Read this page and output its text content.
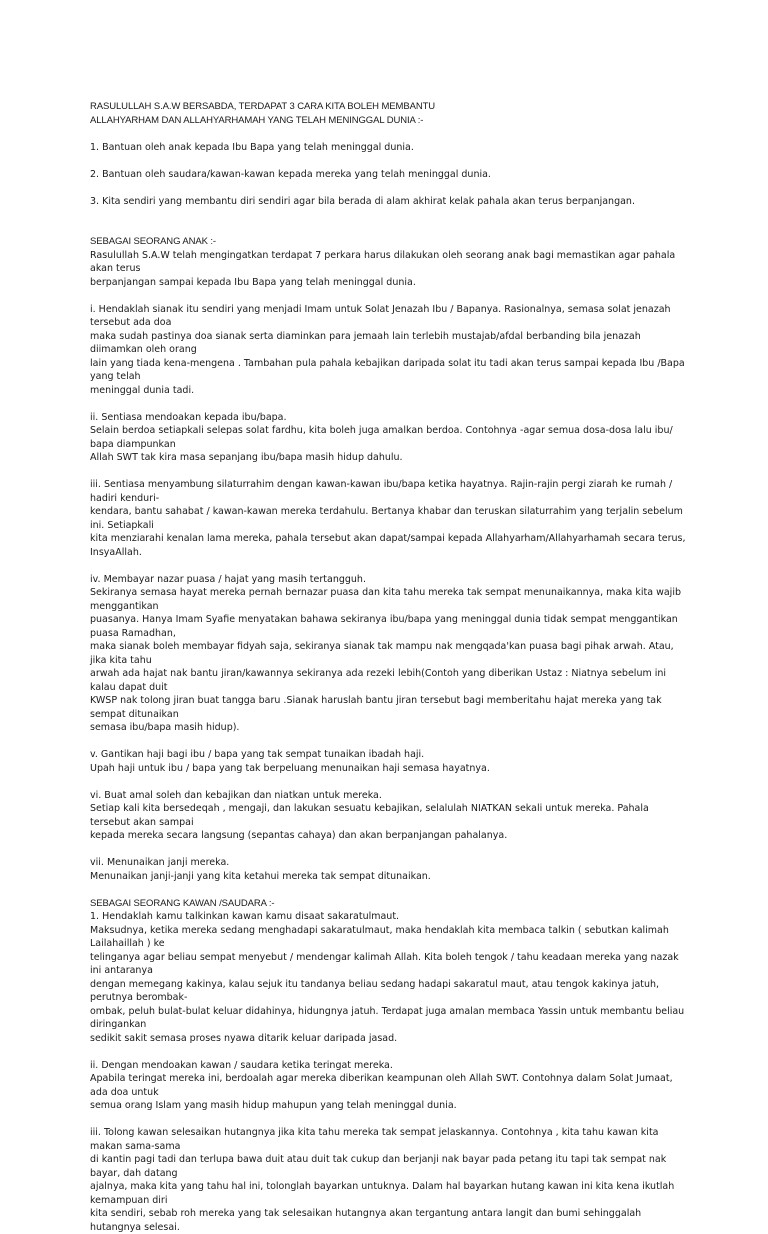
RASULULLAH S.A.W BERSABDA, TERDAPAT 3 CARA KITA BOLEH MEMBANTU

ALLAHYARHAM DAN ALLAHYARHAMAH YANG TELAH MENINGGAL DUNIA :-

1. Bantuan oleh anak kepada Ibu Bapa yang telah meninggal dunia.

2. Bantuan oleh saudara/kawan-kawan kepada mereka yang telah meninggal dunia.

3. Kita sendiri yang membantu diri sendiri agar bila berada di alam akhirat kelak pahala akan terus berpanjangan.

SEBAGAI SEORANG ANAK :-

Rasulullah S.A.W telah mengingatkan terdapat 7 perkara harus dilakukan oleh seorang anak bagi memastikan agar pahala akan terus

berpanjangan sampai kepada Ibu Bapa yang telah meninggal dunia.

i. Hendaklah sianak itu sendiri yang menjadi Imam untuk Solat Jenazah Ibu / Bapanya. Rasionalnya, semasa solat jenazah tersebut ada doa

maka sudah pastinya doa sianak serta diaminkan para jemaah lain terlebih mustajab/afdal berbanding bila jenazah diimamkan oleh orang

lain yang tiada kena-mengena . Tambahan pula pahala kebajikan daripada solat itu tadi akan terus sampai kepada Ibu /Bapa yang telah

meninggal dunia tadi.

ii. Sentiasa mendoakan kepada ibu/bapa.

Selain berdoa setiapkali selepas solat fardhu, kita boleh juga amalkan berdoa. Contohnya -agar semua dosa-dosa lalu ibu/ bapa diampunkan

Allah SWT tak kira masa sepanjang ibu/bapa masih hidup dahulu.

iii. Sentiasa menyambung silaturrahim dengan kawan-kawan ibu/bapa ketika hayatnya. Rajin-rajin pergi ziarah ke rumah / hadiri kenduri-

kendara, bantu sahabat / kawan-kawan mereka terdahulu. Bertanya khabar dan teruskan silaturrahim yang terjalin sebelum ini. Setiapkali

kita menziarahi kenalan lama mereka, pahala tersebut akan dapat/sampai kepada Allahyarham/Allahyarhamah secara terus, InsyaAllah.

iv. Membayar nazar puasa / hajat yang masih tertangguh.

Sekiranya semasa hayat mereka pernah bernazar puasa dan kita tahu mereka tak sempat menunaikannya, maka kita wajib menggantikan

puasanya. Hanya Imam Syafie menyatakan bahawa sekiranya ibu/bapa yang meninggal dunia tidak sempat menggantikan puasa Ramadhan,

maka sianak boleh membayar fidyah saja, sekiranya sianak tak mampu nak mengqada'kan puasa bagi pihak arwah. Atau, jika kita tahu

arwah ada hajat nak bantu jiran/kawannya sekiranya ada rezeki lebih(Contoh yang diberikan Ustaz : Niatnya sebelum ini kalau dapat duit

KWSP nak tolong jiran buat tangga baru .Sianak haruslah bantu jiran tersebut bagi memberitahu hajat mereka yang tak sempat ditunaikan

semasa ibu/bapa masih hidup).

v. Gantikan haji bagi ibu / bapa yang tak sempat tunaikan ibadah haji.

Upah haji untuk ibu / bapa yang tak berpeluang menunaikan haji semasa hayatnya.

vi. Buat amal soleh dan kebajikan dan niatkan untuk mereka.

Setiap kali kita bersedeqah , mengaji, dan lakukan sesuatu kebajikan, selalulah NIATKAN sekali untuk mereka. Pahala tersebut akan sampai

kepada mereka secara langsung (sepantas cahaya) dan akan berpanjangan pahalanya.

vii. Menunaikan janji mereka.

Menunaikan janji-janji yang kita ketahui mereka tak sempat ditunaikan.

SEBAGAI SEORANG KAWAN /SAUDARA :-

1. Hendaklah kamu talkinkan kawan kamu disaat sakaratulmaut.

Maksudnya, ketika mereka sedang menghadapi sakaratulmaut, maka hendaklah kita membaca talkin ( sebutkan kalimah Lailahaillah ) ke

telinganya agar beliau sempat menyebut / mendengar kalimah Allah. Kita boleh tengok / tahu keadaan mereka yang nazak ini antaranya

dengan memegang kakinya, kalau sejuk itu tandanya beliau sedang hadapi sakaratul maut, atau tengok kakinya jatuh, perutnya berombak-

ombak, peluh bulat-bulat keluar didahinya, hidungnya jatuh. Terdapat juga amalan membaca Yassin untuk membantu beliau diringankan

sedikit sakit semasa proses nyawa ditarik keluar daripada jasad.

ii. Dengan mendoakan kawan / saudara ketika teringat mereka.

Apabila teringat mereka ini, berdoalah agar mereka diberikan keampunan oleh Allah SWT. Contohnya dalam Solat Jumaat, ada doa untuk

semua orang Islam yang masih hidup mahupun yang telah meninggal dunia.

iii. Tolong kawan selesaikan hutangnya jika kita tahu mereka tak sempat jelaskannya. Contohnya , kita tahu kawan kita makan sama-sama

di kantin pagi tadi dan terlupa bawa duit atau duit tak cukup dan berjanji nak bayar pada petang itu tapi tak sempat nak bayar, dah datang

ajalnya, maka kita yang tahu hal ini, tolonglah bayarkan untuknya. Dalam hal bayarkan hutang kawan ini kita kena ikutlah kemampuan diri

kita sendiri, sebab roh mereka yang tak selesaikan hutangnya akan tergantung antara langit dan bumi sehinggalah hutangnya selesai.
